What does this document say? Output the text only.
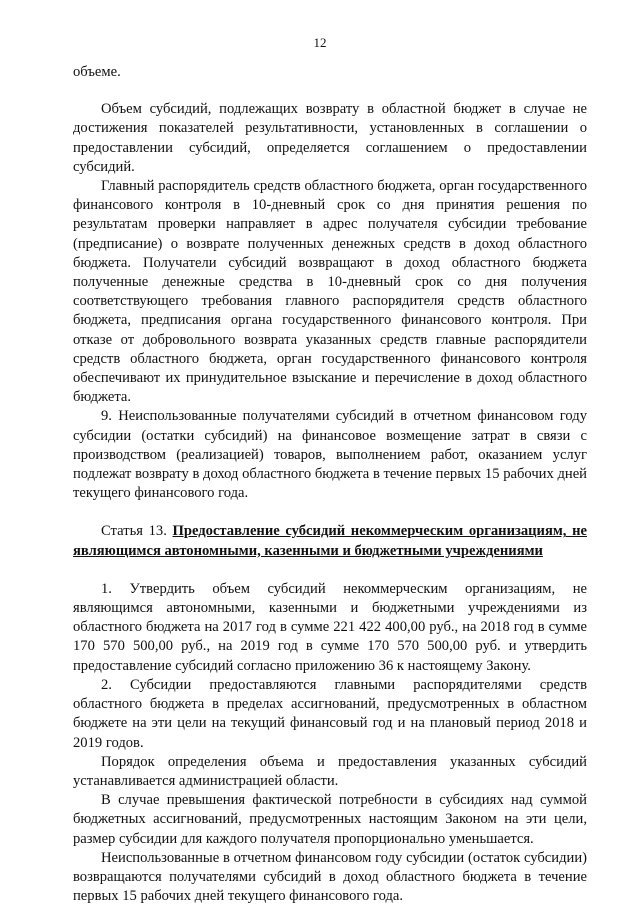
12

объеме.

Объем субсидий, подлежащих возврату в областной бюджет в случае не достижения показателей результативности, установленных в соглашении о предоставлении субсидий, определяется соглашением о предоставлении субсидий.

Главный распорядитель средств областного бюджета, орган государственного финансового контроля в 10-дневный срок со дня принятия решения по результатам проверки направляет в адрес получателя субсидии требование (предписание) о возврате полученных денежных средств в доход областного бюджета. Получатели субсидий возвращают в доход областного бюджета полученные денежные средства в 10-дневный срок со дня получения соответствующего требования главного распорядителя средств областного бюджета, предписания органа государственного финансового контроля. При отказе от добровольного возврата указанных средств главные распорядители средств областного бюджета, орган государственного финансового контроля обеспечивают их принудительное взыскание и перечисление в доход областного бюджета.

9. Неиспользованные получателями субсидий в отчетном финансовом году субсидии (остатки субсидий) на финансовое возмещение затрат в связи с производством (реализацией) товаров, выполнением работ, оказанием услуг подлежат возврату в доход областного бюджета в течение первых 15 рабочих дней текущего финансового года.

Статья 13. Предоставление субсидий некоммерческим организациям, не являющимся автономными, казенными и бюджетными учреждениями

1. Утвердить объем субсидий некоммерческим организациям, не являющимся автономными, казенными и бюджетными учреждениями из областного бюджета на 2017 год в сумме 221 422 400,00 руб., на 2018 год в сумме 170 570 500,00 руб., на 2019 год в сумме 170 570 500,00 руб. и утвердить предоставление субсидий согласно приложению 36 к настоящему Закону.

2. Субсидии предоставляются главными распорядителями средств областного бюджета в пределах ассигнований, предусмотренных в областном бюджете на эти цели на текущий финансовый год и на плановый период 2018 и 2019 годов.

Порядок определения объема и предоставления указанных субсидий устанавливается администрацией области.

В случае превышения фактической потребности в субсидиях над суммой бюджетных ассигнований, предусмотренных настоящим Законом на эти цели, размер субсидии для каждого получателя пропорционально уменьшается.

Неиспользованные в отчетном финансовом году субсидии (остаток субсидии) возвращаются получателями субсидий в доход областного бюджета в течение первых 15 рабочих дней текущего финансового года.
